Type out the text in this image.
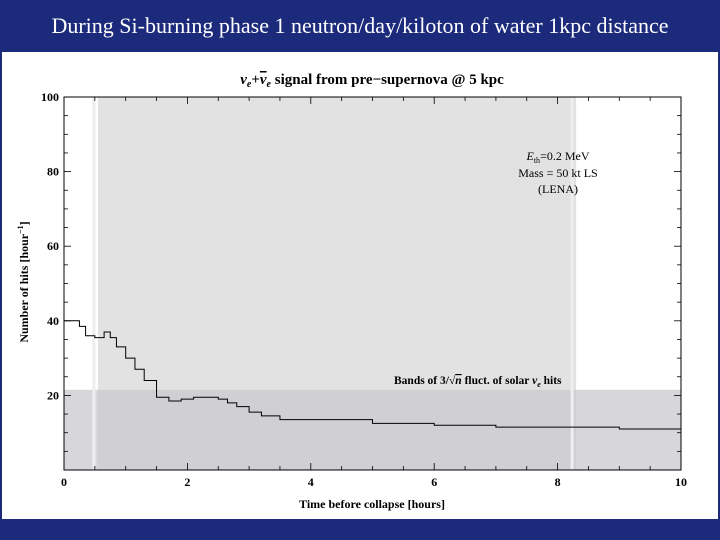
During Si-burning phase 1 neutron/day/kiloton of water 1kpc distance
$\nu_e+\nu_e$ signal from pre−supernova @ 5 kpc
0	2	4	6	8	10
20
40
60
80
100
$E_{th}=0.2$ MeV
Mass = 50 kt LS
(LENA)
Bands of 3/√n fluct. of solar $\nu_e$ hits
Time before collapse [hours]
Number of hits [hour$^{-1}$]
